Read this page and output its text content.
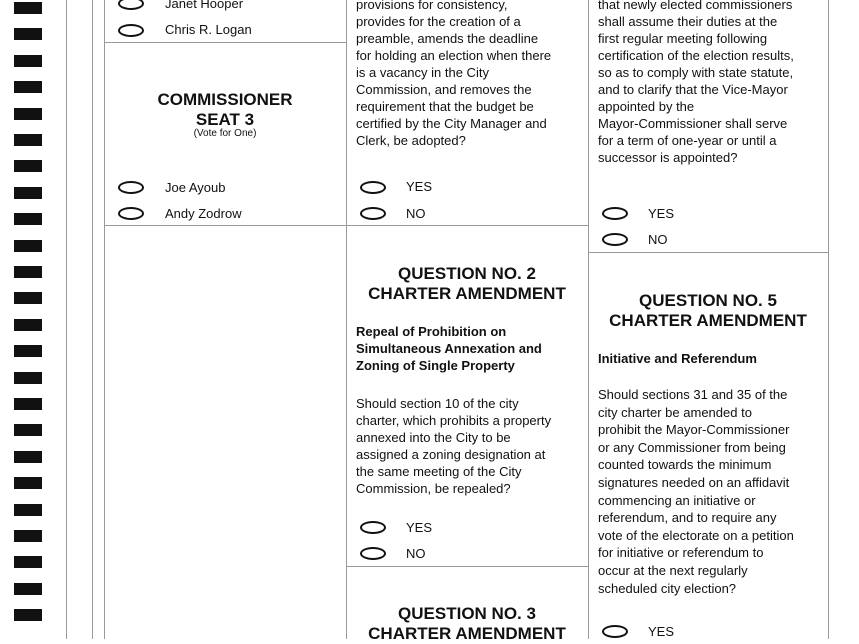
Janet Hooper
Chris R. Logan
COMMISSIONER
SEAT 3
(Vote for One)
Joe Ayoub
Andy Zodrow
provisions for consistency,
provides for the creation of a
preamble, amends the deadline
for holding an election when there
is a vacancy in the City
Commission, and removes the
requirement that the budget be
certified by the City Manager and
Clerk, be adopted?
YES
NO
QUESTION NO. 2
CHARTER AMENDMENT
Repeal of Prohibition on
Simultaneous Annexation and
Zoning of Single Property
Should section 10 of the city
charter, which prohibits a property
annexed into the City to be
assigned a zoning designation at
the same meeting of the City
Commission, be repealed?
YES
NO
QUESTION NO. 3
CHARTER AMENDMENT
that newly elected commissioners
shall assume their duties at the
first regular meeting following
certification of the election results,
so as to comply with state statute,
and to clarify that the Vice-Mayor
appointed by the
Mayor-Commissioner shall serve
for a term of one-year or until a
successor is appointed?
YES
NO
QUESTION NO. 5
CHARTER AMENDMENT
Initiative and Referendum
Should sections 31 and 35 of the
city charter be amended to
prohibit the Mayor-Commissioner
or any Commissioner from being
counted towards the minimum
signatures needed on an affidavit
commencing an initiative or
referendum, and to require any
vote of the electorate on a petition
for initiative or referendum to
occur at the next regularly
scheduled city election?
YES
